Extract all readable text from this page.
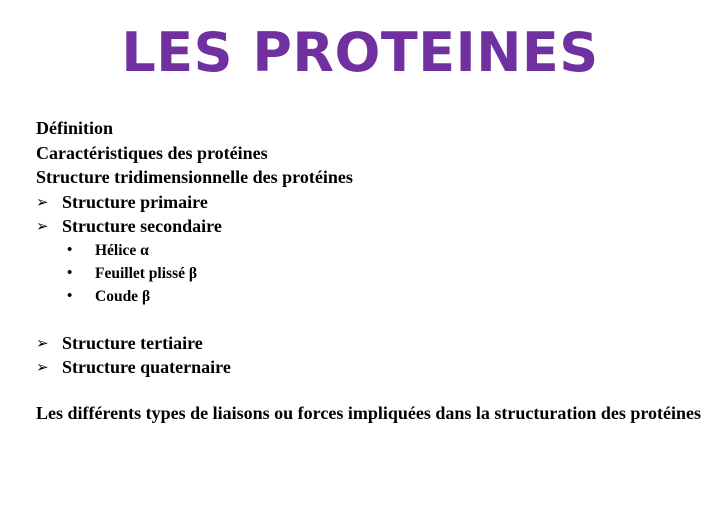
LES PROTEINES
Définition
Caractéristiques des protéines
Structure tridimensionnelle des protéines
➢ Structure primaire
➢ Structure secondaire
•	Hélice α
•	Feuillet plissé β
•	Coude β
➢ Structure tertiaire
➢ Structure quaternaire
Les différents types de liaisons ou forces impliquées dans la structuration des protéines
